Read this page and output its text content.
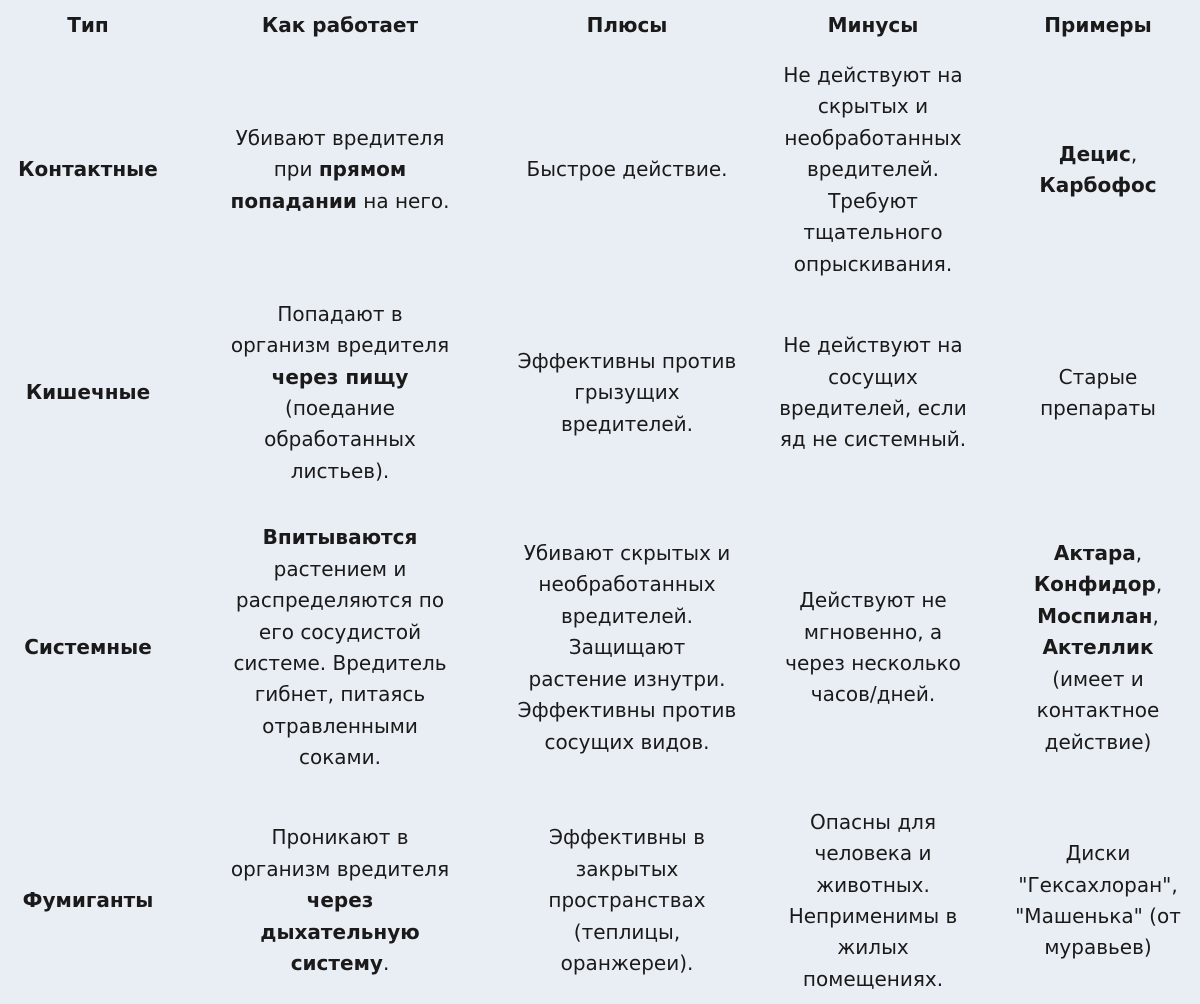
Тип	Как работает	Плюсы	Минусы	Примеры
Контактные	Убивают вредителя при прямом попадании на него.	Быстрое действие.	Не действуют на скрытых и необработанных вредителей. Требуют тщательного опрыскивания.	Децис, Карбофос
Кишечные	Попадают в организм вредителя через пищу (поедание обработанных листьев).	Эффективны против грызущих вредителей.	Не действуют на сосущих вредителей, если яд не системный.	Старые препараты
Системные	Впитываются растением и распределяются по его сосудистой системе. Вредитель гибнет, питаясь отравленными соками.	Убивают скрытых и необработанных вредителей. Защищают растение изнутри. Эффективны против сосущих видов.	Действуют не мгновенно, а через несколько часов/дней.	Актара, Конфидор, Моспилан, Актеллик (имеет и контактное действие)
Фумиганты	Проникают в организм вредителя через дыхательную систему.	Эффективны в закрытых пространствах (теплицы, оранжереи).	Опасны для человека и животных. Неприменимы в жилых помещениях.	Диски "Гексахлоран", "Машенька" (от муравьев)
